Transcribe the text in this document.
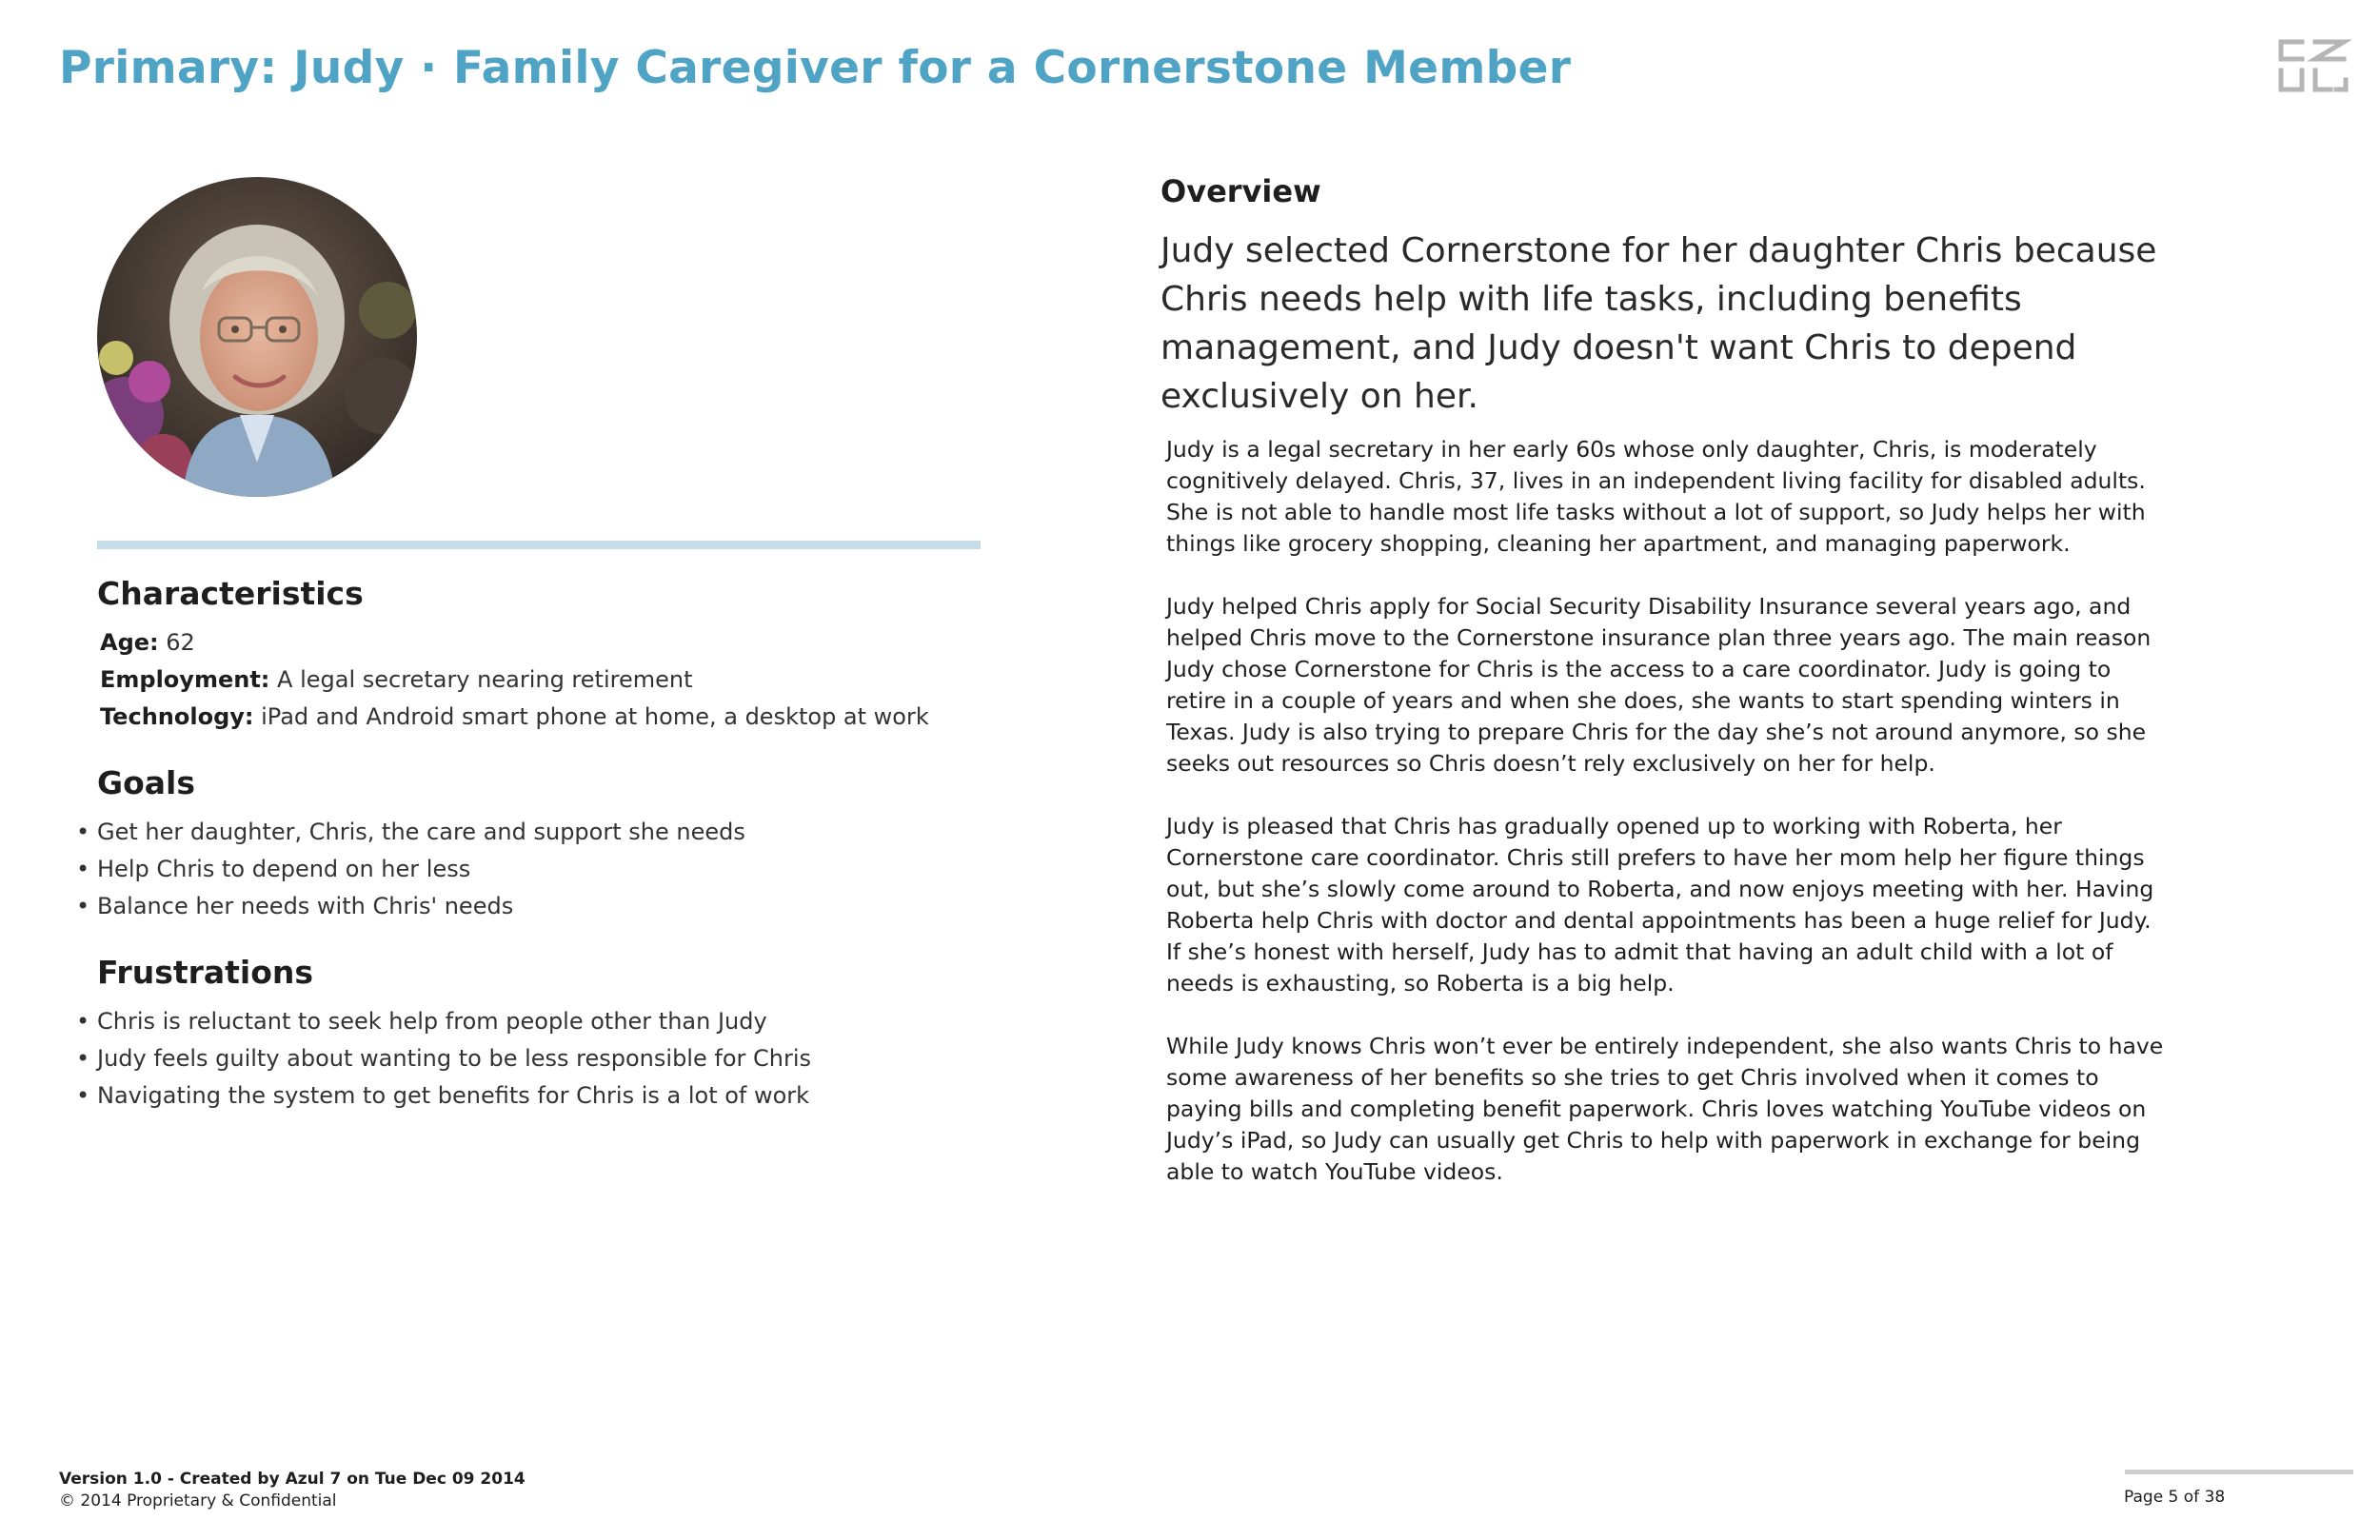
Primary: Judy · Family Caregiver for a Cornerstone Member
Characteristics
Age: 62
Employment: A legal secretary nearing retirement
Technology: iPad and Android smart phone at home, a desktop at work
Goals
• Get her daughter, Chris, the care and support she needs
• Help Chris to depend on her less
• Balance her needs with Chris' needs
Frustrations
• Chris is reluctant to seek help from people other than Judy
• Judy feels guilty about wanting to be less responsible for Chris
• Navigating the system to get benefits for Chris is a lot of work
Overview

Judy selected Cornerstone for her daughter Chris because Chris needs help with life tasks, including benefits management, and Judy doesn't want Chris to depend exclusively on her.

Judy is a legal secretary in her early 60s whose only daughter, Chris, is moderately cognitively delayed. Chris, 37, lives in an independent living facility for disabled adults. She is not able to handle most life tasks without a lot of support, so Judy helps her with things like grocery shopping, cleaning her apartment, and managing paperwork.

Judy helped Chris apply for Social Security Disability Insurance several years ago, and helped Chris move to the Cornerstone insurance plan three years ago. The main reason Judy chose Cornerstone for Chris is the access to a care coordinator. Judy is going to retire in a couple of years and when she does, she wants to start spending winters in Texas. Judy is also trying to prepare Chris for the day she’s not around anymore, so she seeks out resources so Chris doesn’t rely exclusively on her for help.

Judy is pleased that Chris has gradually opened up to working with Roberta, her Cornerstone care coordinator. Chris still prefers to have her mom help her figure things out, but she’s slowly come around to Roberta, and now enjoys meeting with her. Having Roberta help Chris with doctor and dental appointments has been a huge relief for Judy. If she’s honest with herself, Judy has to admit that having an adult child with a lot of needs is exhausting, so Roberta is a big help.

While Judy knows Chris won’t ever be entirely independent, she also wants Chris to have some awareness of her benefits so she tries to get Chris involved when it comes to paying bills and completing benefit paperwork. Chris loves watching YouTube videos on Judy’s iPad, so Judy can usually get Chris to help with paperwork in exchange for being able to watch YouTube videos.

Version 1.0 - Created by Azul 7 on Tue Dec 09 2014
© 2014 Proprietary & Confidential	Page 5 of 38
